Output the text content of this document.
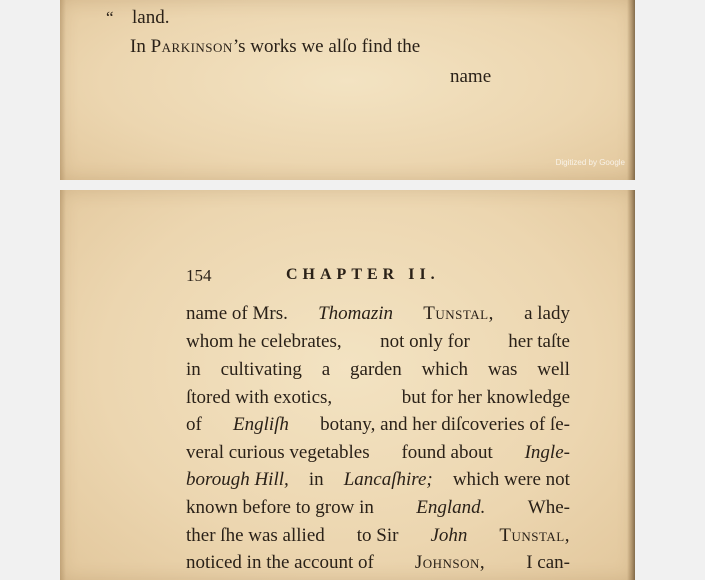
“ land.
In Parkinson’s works we alſo find the
name
Digitized by Google
154	CHAPTER II.
name of Mrs. Thomazin Tunstal, a lady
whom he celebrates, not only for her taſte
in cultivating a garden which was well
ſtored with exotics,	but for her knowledge
of Engliſh botany, and her diſcoveries of ſe-
veral curious vegetables found about Ingle-
borough Hill, in Lancaſhire; which were not
known before to grow in England. Whe-
ther ſhe was allied to Sir John Tunstal,
noticed in the account of Johnson, I can-
